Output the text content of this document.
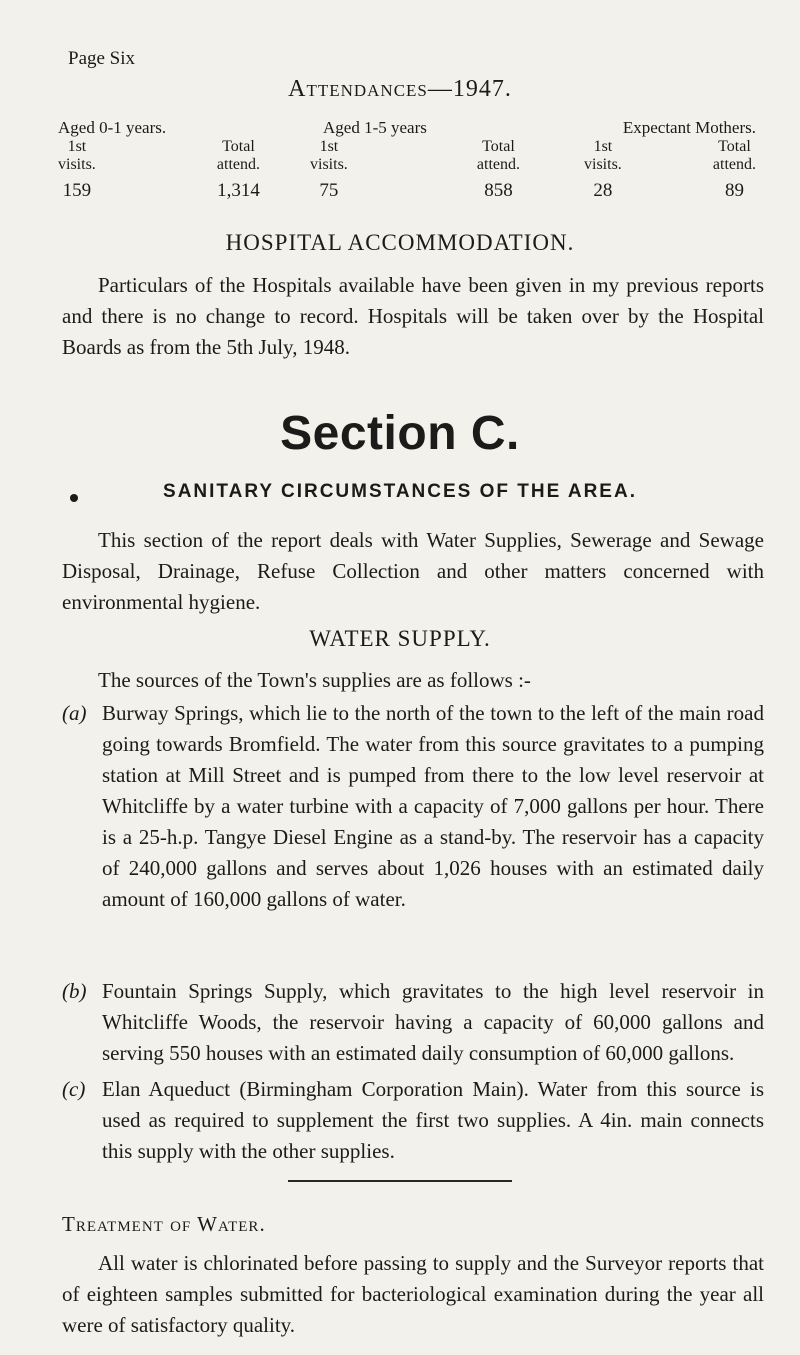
Page Six
Attendances—1947.
Aged 0-1 years.
1st
visits.
159
Total
attend.
1,314
Aged 1-5 years
1st
visits.
75
Total
attend.
858
Expectant Mothers.
1st
visits.
28
Total
attend.
89
HOSPITAL ACCOMMODATION.

Particulars of the Hospitals available have been given in my previous reports and there is no change to record. Hospitals will be taken over by the Hospital Boards as from the 5th July, 1948.

Section C.
SANITARY CIRCUMSTANCES OF THE AREA.

This section of the report deals with Water Supplies, Sewerage and Sewage Disposal, Drainage, Refuse Collection and other matters concerned with environmental hygiene.

WATER SUPPLY.

The sources of the Town's supplies are as follows :-

(a) Burway Springs, which lie to the north of the town to the left of the main road going towards Bromfield. The water from this source gravitates to a pumping station at Mill Street and is pumped from there to the low level reservoir at Whitcliffe by a water turbine with a capacity of 7,000 gallons per hour. There is a 25-h.p. Tangye Diesel Engine as a stand-by. The reservoir has a capacity of 240,000 gallons and serves about 1,026 houses with an estimated daily amount of 160,000 gallons of water.
(b) Fountain Springs Supply, which gravitates to the high level reservoir in Whitcliffe Woods, the reservoir having a capacity of 60,000 gallons and serving 550 houses with an estimated daily consumption of 60,000 gallons.
(c) Elan Aqueduct (Birmingham Corporation Main). Water from this source is used as required to supplement the first two supplies. A 4in. main connects this supply with the other supplies.
Treatment of Water.

All water is chlorinated before passing to supply and the Surveyor reports that of eighteen samples submitted for bacteriological examination during the year all were of satisfactory quality.
